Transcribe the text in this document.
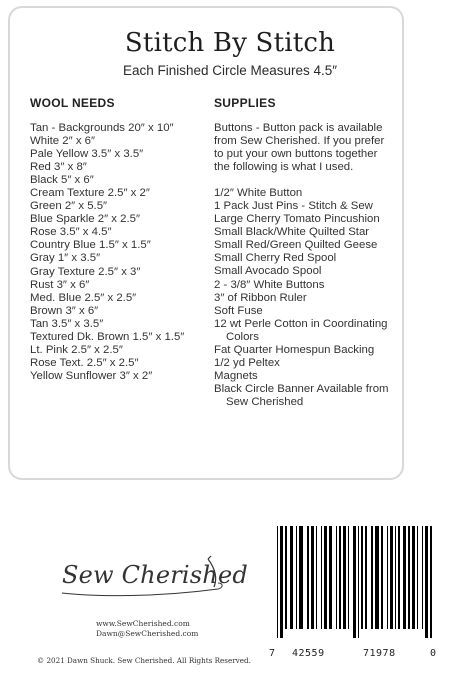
Stitch By Stitch
Each Finished Circle Measures 4.5″
WOOL NEEDS	SUPPLIES
Tan - Backgrounds 20″ x 10″
White 2″ x 6″
Pale Yellow 3.5″ x 3.5″
Red 3″ x 8″
Black 5″ x 6″
Cream Texture 2.5″ x 2″
Green 2″ x 5.5″
Blue Sparkle 2″ x 2.5″
Rose 3.5″ x 4.5″
Country Blue 1.5″ x 1.5″
Gray 1″ x 3.5″
Gray Texture 2.5″ x 3″
Rust 3″ x 6″
Med. Blue 2.5″ x 2.5″
Brown 3″ x 6″
Tan 3.5″ x 3.5″
Textured Dk. Brown 1.5″ x 1.5″
Lt. Pink 2.5″ x 2.5″
Rose Text. 2.5″ x 2.5″
Yellow Sunflower 3″ x 2″
Buttons - Button pack is available
from Sew Cherished. If you prefer
to put your own buttons together
the following is what I used.
1/2″ White Button
1 Pack Just Pins - Stitch & Sew
Large Cherry Tomato Pincushion
Small Black/White Quilted Star
Small Red/Green Quilted Geese
Small Cherry Red Spool
Small Avocado Spool
2 - 3/8″ White Buttons
3″ of Ribbon Ruler
Soft Fuse
12 wt Perle Cotton in Coordinating
Colors
Fat Quarter Homespun Backing
1/2 yd Peltex
Magnets
Black Circle Banner Available from
Sew Cherished
Sew Cherished
www.SewCherished.com
Dawn@SewCherished.com
© 2021 Dawn Shuck. Sew Cherished. All Rights Reserved.
7 42559	71978	0
